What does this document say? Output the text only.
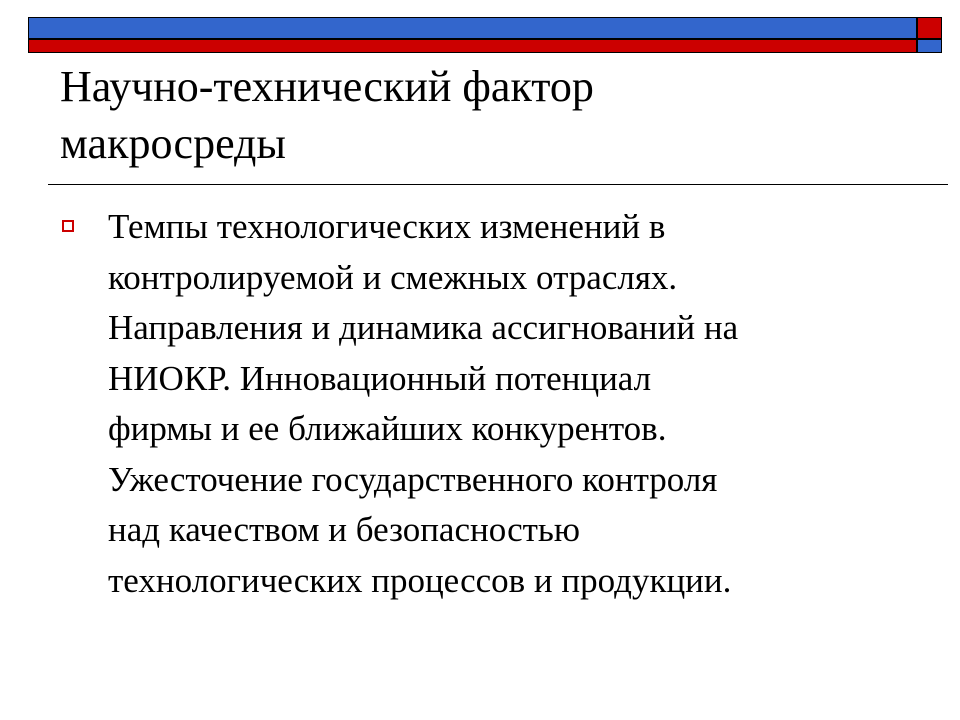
Научно-технический фактор
макросреды
Темпы технологических изменений в
контролируемой и смежных отраслях.
Направления и динамика ассигнований на
НИОКР. Инновационный потенциал
фирмы и ее ближайших конкурентов.
Ужесточение государственного контроля
над качеством и безопасностью
технологических процессов и продукции.
